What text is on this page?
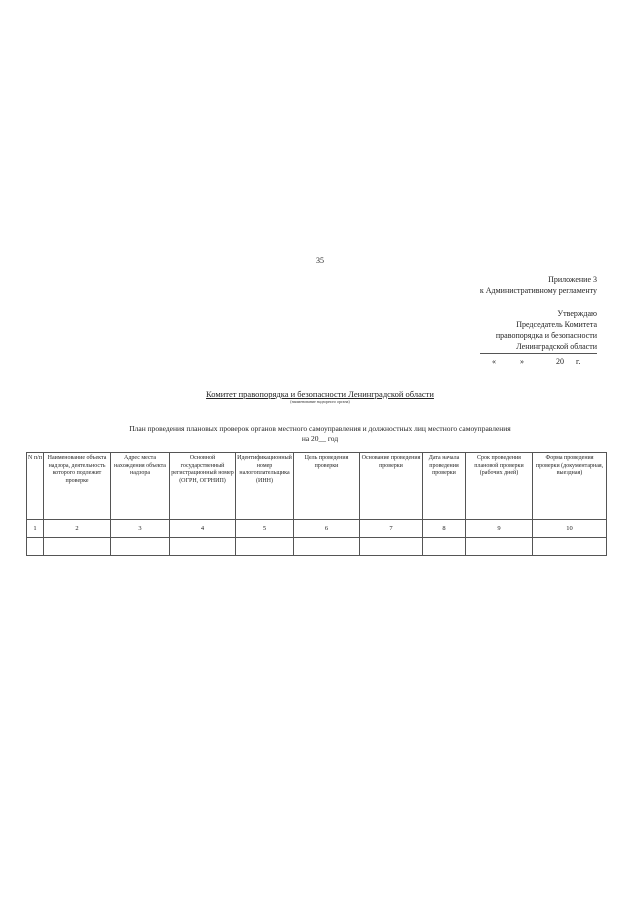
35
Приложение 3
к Административному регламенту
Утверждаю
Председатель Комитета
правопорядка и безопасности
Ленинградской области
«	»	20 г.
Комитет правопорядка и безопасности Ленинградской области
(наименование надзорного органа)
План проведения плановых проверок органов местного самоуправления и должностных лиц местного самоуправления
на 20__ год
N п/п	Наименование объекта надзора, деятельность которого подлежит проверке	Адрес места нахождения объекта надзора	Основной государственный регистрационный номер (ОГРН, ОГРНИП)	Идентификационный номер налогоплательщика (ИНН)	Цель проведения проверки	Основание проведения проверки	Дата начала проведения проверки	Срок проведения плановой проверки (рабочих дней)	Форма проведения проверки (документарная, выездная)
1	2	3	4	5	6	7	8	9	10
